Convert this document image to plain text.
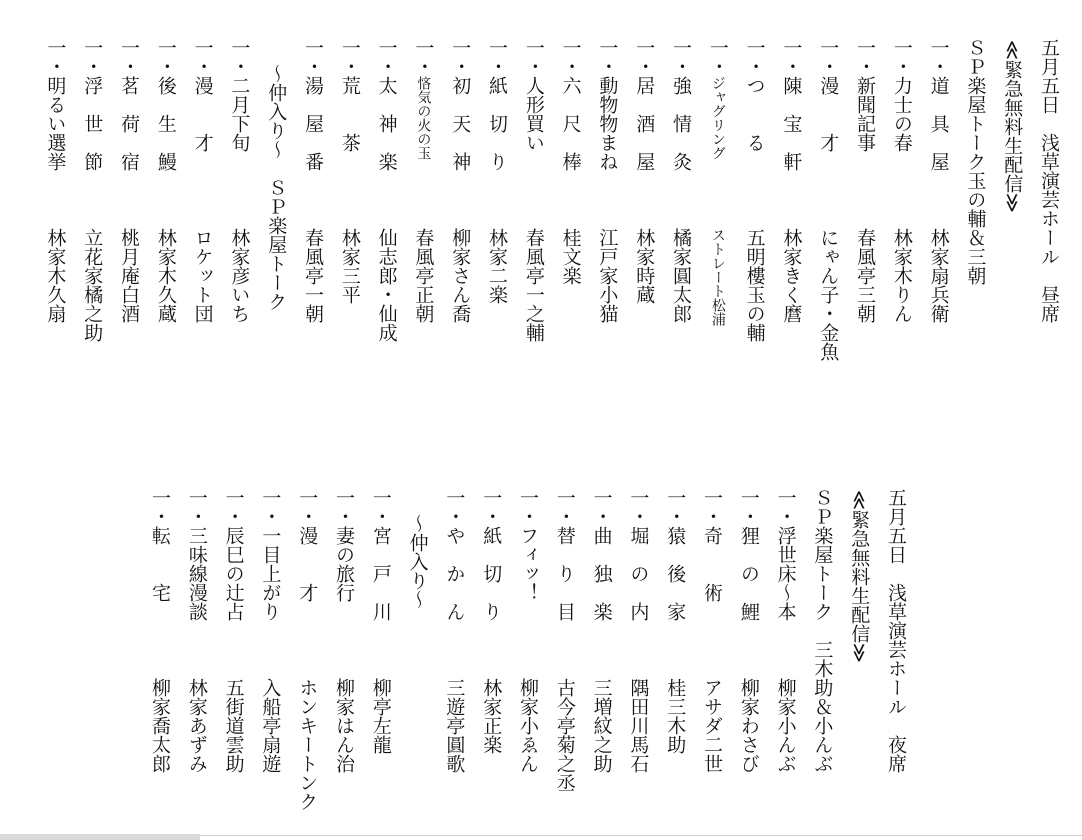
五月五日　浅草演芸ホール　昼席
≪緊急無料生配信≫
ＳＰ楽屋トーク玉の輔＆三朝
一・道　具　屋林家扇兵衛
一・力士の春林家木りん
一・新聞記事春風亭三朝
一・漫　　才にゃん子・金魚
一・陳　宝　軒林家きく麿
一・つ　　る五明樓玉の輔
一・ジャグリングストレート松浦
一・強　情　灸橘家圓太郎
一・居　酒　屋林家時蔵
一・動物物まね江戸家小猫
一・六　尺　棒桂文楽
一・人形買い春風亭一之輔
一・紙　切　り林家二楽
一・初　天　神柳家さん喬
一・悋気の火の玉春風亭正朝
一・太　神　楽仙志郎・仙成
一・荒　　茶林家三平
一・湯　屋　番春風亭一朝
～仲入り～　ＳＰ楽屋トーク
一・二月下旬林家彦いち
一・漫　　才ロケット団
一・後　生　鰻林家木久蔵
一・茗　荷　宿桃月庵白酒
一・浮　世　節立花家橘之助
一・明るい選挙林家木久扇
五月五日　浅草演芸ホール　夜席
≪緊急無料生配信≫
ＳＰ楽屋トーク　三木助＆小んぶ
一・浮世床～本柳家小んぶ
一・狸　の　鯉柳家わさび
一・奇　　術アサダ二世
一・猿　後　家桂三木助
一・堀　の　内隅田川馬石
一・曲　独　楽三増紋之助
一・替　り　目古今亭菊之丞
一・フィッ！柳家小ゑん
一・紙　切　り林家正楽
一・や　か　ん三遊亭圓歌
～仲入り～
一・宮　戸　川柳亭左龍
一・妻の旅行柳家はん治
一・漫　　才ホンキートンク
一・一目上がり入船亭扇遊
一・辰巳の辻占五街道雲助
一・三味線漫談林家あずみ
一・転　　宅柳家喬太郎
